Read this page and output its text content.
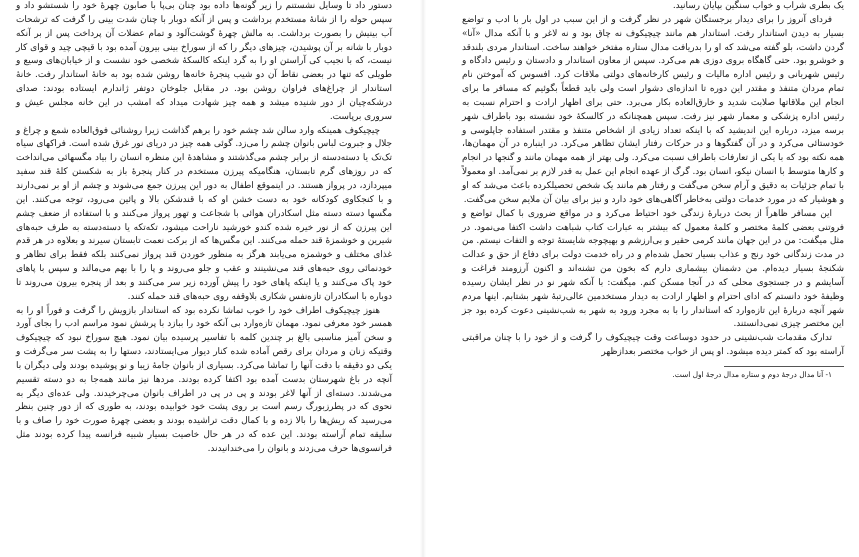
دستور داد تا وسایل نشستنم را زیر گونه‌ها داده بود چنان بی‌پا با صابون چهرهٔ خود را شستشو داد و سپس حوله را از شانهٔ مستخدم برداشت و پس از آنکه دوبار با چنان شدت بینی را گرفت که ترشحات آب بینیش را بصورت برداشت. به مالش چهرهٔ گوشت‌آلود و تمام عضلات آن پرداخت پس از بر آنکه دوبار با شانه بر آن پوشیدن، چیزهای دیگر را که از سوراخ بینی بیرون آمده بود با قیچی چید و قوای کار نیست، که با نجیب کی آراستن او را به گرد اینکه کالسکهٔ شخصی خود نشست و از خیابان‌های وسیع و طویلی که تنها در بعضی نقاط آن دو شیب پنجرهٔ خانه‌ها روشن شده بود به خانهٔ استاندار رفت. خانهٔ استاندار از چراغ‌های فراوان روشن بود. در مقابل جلوخان دوتفر ژاندارم ایستاده بودند: صدای درشکه‌چیان از دور شنیده میشد و همه چیز شهادت میداد که امشب در این خانه مجلس عیش و سروری برپاست.

چیچیکوف همینکه وارد سالن شد چشم خود را برهم گذاشت زیرا روشنائی فوق‌العاده شمع و چراغ و جلال و جبروت لباس بانوان چشم را می‌زد. گوئی همه چیز در دریای نور غرق شده است. فراکهای سیاه تک‌تک یا دسته‌دسته از برابر چشم می‌گذشتند و مشاهدهٔ این منظره انسان را بیاد مگسهائی می‌انداخت که در روزهای گرم تابستان، هنگامیکه پیرزن مستخدم در کنار پنجرهٔ باز به شکستن کلهٔ قند سفید میپردازد، در پرواز هستند. در اینموقع اطفال به دور این پیرزن جمع می‌شوند و چشم از او بر نمی‌دارند و با کنجکاوی کودکانه خود به دست خشن او که با قندشکن بالا و پائین می‌رود، توجه می‌کنند. این مگسها دسته دسته مثل اسکادران هوائی با شجاعت و تهور پرواز می‌کنند و با استفاده از ضعف چشم این پیرزن که از نور خیره شده کندو خورشید ناراحت میشود، تکه‌تکه یا دسته‌دسته به طرف حبه‌های شیرین و خوشمزهٔ قند حمله می‌کنند. این مگس‌ها که از برکت نعمت تابستان سیرند و بعلاوه در هر قدم غذای مختلف و خوشمزه می‌یابند هرگز به منظور خوردن قند پرواز نمی‌کنند بلکه فقط برای تظاهر و خودنمائی روی حبه‌های قند می‌نشینند و عقب و جلو می‌روند و پا را با بهم می‌مالند و سپس با پاهای خود پاک می‌کنند و یا اینکه پاهای خود را پیش آورده زیر سر می‌کنند و بعد از پنجره بیرون می‌روند تا دوباره با اسکادران تازه‌نفس شکاری بلاوقفه روی حبه‌های قند حمله کنند.

هنوز چیچیکوف اطراف خود را خوب تماشا نکرده بود که استاندار بازویش را گرفت و فوراً او را به همسر خود معرفی نمود. مهمان تازه‌وارد بی آنکه خود را ببازد با پرشش نمود مراسم ادب را بجای آورد و سخن آمیز مناسبی بالغ بر چندین کلمه با تفاسیر پرسیده بیان نمود. هیچ سوراخ نبود که چیچیکوف وقتیکه زنان و مردان برای رقص آماده شده کنار دیوار می‌ایستادند، دستها را به پشت سر می‌گرفت و یکی دو دقیقه با دقت آنها را تماشا می‌کرد. بسیاری از بانوان جامهٔ زیبا و نو پوشیده بودند ولی دیگران با آنچه در باغ شهرستان بدست آمده بود اکتفا کرده بودند. مردها نیز مانند همه‌جا به دو دسته تقسیم می‌شدند. دسته‌ای از آنها لاغر بودند و پی در پی در اطراف بانوان می‌چرخیدند. ولی عده‌ای دیگر به نحوی که در پطرزبورگ رسم است بر روی پشت خود خوابیده بودند، به طوری که از دور چنین بنظر می‌رسید که ریش‌ها را بالا زده و با کمال دقت تراشیده بودند و بعضی چهرهٔ صورت خود را صاف و با سلیقه تمام آراسته بودند. این عده که در هر حال خاصیت بسیار شبیه فرانسه پیدا کرده بودند مثل فرانسوی‌ها حرف می‌زدند و بانوان را می‌خندانیدند.

یک بطری شراب و خواب سنگین بپایان رسانید.

فردای آنروز را برای دیدار برجستگان شهر در نظر گرفت و از این سبب در اول بار با ادب و تواضع بسیار به دیدن استاندار رفت. استاندار هم مانند چیچیکوف نه چاق بود و نه لاغر و با آنکه مدال «آنا» گردن داشت، بلو گفته می‌شد که او را بدریافت مدال ستاره مفتخر خواهند ساخت. استاندار مردی بلندقد و خوشرو بود. حتی گاهگاه بروی دوزی هم می‌کرد. سپس از معاون استاندار و دادستان و رئیس دادگاه و رئیس شهربانی و رئیس اداره مالیات و رئیس کارخانه‌های دولتی ملاقات کرد. افسوس که آموختن نام تمام مردان متنفذ و مقتدر این دوره تا اندازه‌ای دشوار است ولی باید قطعاً بگوئیم که مسافر ما برای انجام این ملاقاتها صلابت شدید و خارق‌العاده بکار می‌برد. حتی برای اظهار ارادت و احترام نسبت به رئیس اداره پزشکی و معمار شهر نیز رفت. سپس همچنانکه در کالسکهٔ خود نشسته بود باطراف شهر برسه میزد، درباره این اندیشید که با اینکه تعداد زیادی از اشخاص متنفذ و مقتدر استفاده جاپلوسی و خودستائی می‌کرد و در آن گفتگوها و در حرکات رفتار ایشان تظاهر می‌کرد. در اینباره در آن مهمان‌ها، همه نکته بود که با یکی از تعارفات باطراف نسبت می‌کرد. ولی بهتر از همه مهمان مانند و گنجها در انجام و کارها متوسط با انسان نیکو، انسان بود. گرگ از عهده انجام این عمل به قدر لازم بر نمی‌آمد. او معمولاً با تمام جزئیات به دقیق و آرام سخن می‌گفت و رفتار هم مانند یک شخص تحصیلکرده باعث می‌شد که او و هوشیار که در مورد خدمات دولتی به‌خاطر آگاهی‌های خود دارد و نیز برای بیان آن ملایم سخن می‌گفت.

این مسافر ظاهراً از بحث درباره‌ٔ زندگی خود احتیاط می‌کرد و در مواقع ضروری با کمال تواضع و فروتنی بعضی کلمهٔ مختصر و کلمهٔ معمول که بیشتر به عبارات کتاب شباهت داشت اکتفا می‌نمود. در مثل میگفت: من در این جهان مانند کرمی حقیر و بی‌ارزشم و بهیچوجه شایستهٔ توجه و التفات نیستم. من در مدت زندگانی خود رنج و عذاب بسیار تحمل شده‌ام و در راه خدمت دولت برای دفاع از حق و عدالت شکنجهٔ بسیار دیده‌ام. من دشمنان بیشماری دارم که بخون من تشنه‌اند و اکنون آرزومند فراغت و آسایشم و در جستجوی محلی که در آنجا مسکن کنم. میگفت: با آنکه شهر نو در نظر ایشان رسیده وظیفهٔ خود دانستم که ادای احترام و اظهار ارادت به دیدار مستخدمین عالی‌رتبهٔ شهر بشتابم. اینها مردم شهر آنچه دربارهٔ این تازه‌وارد که استاندار را با به مجرد ورود به شهر به شب‌نشینی دعوت کرده بود جز این مختصر چیزی نمی‌دانستند.

تدارک مقدمات شب‌نشینی در حدود دوساعت وقت چیچیکوف را گرفت و از خود را با چنان مراقبتی آراسته بود که کمتر دیده میشود. او پس از خواب مختصر بعدازظهر

۱- آنا مدال درجهٔ دوم و ستاره مدال درجهٔ اول است.
